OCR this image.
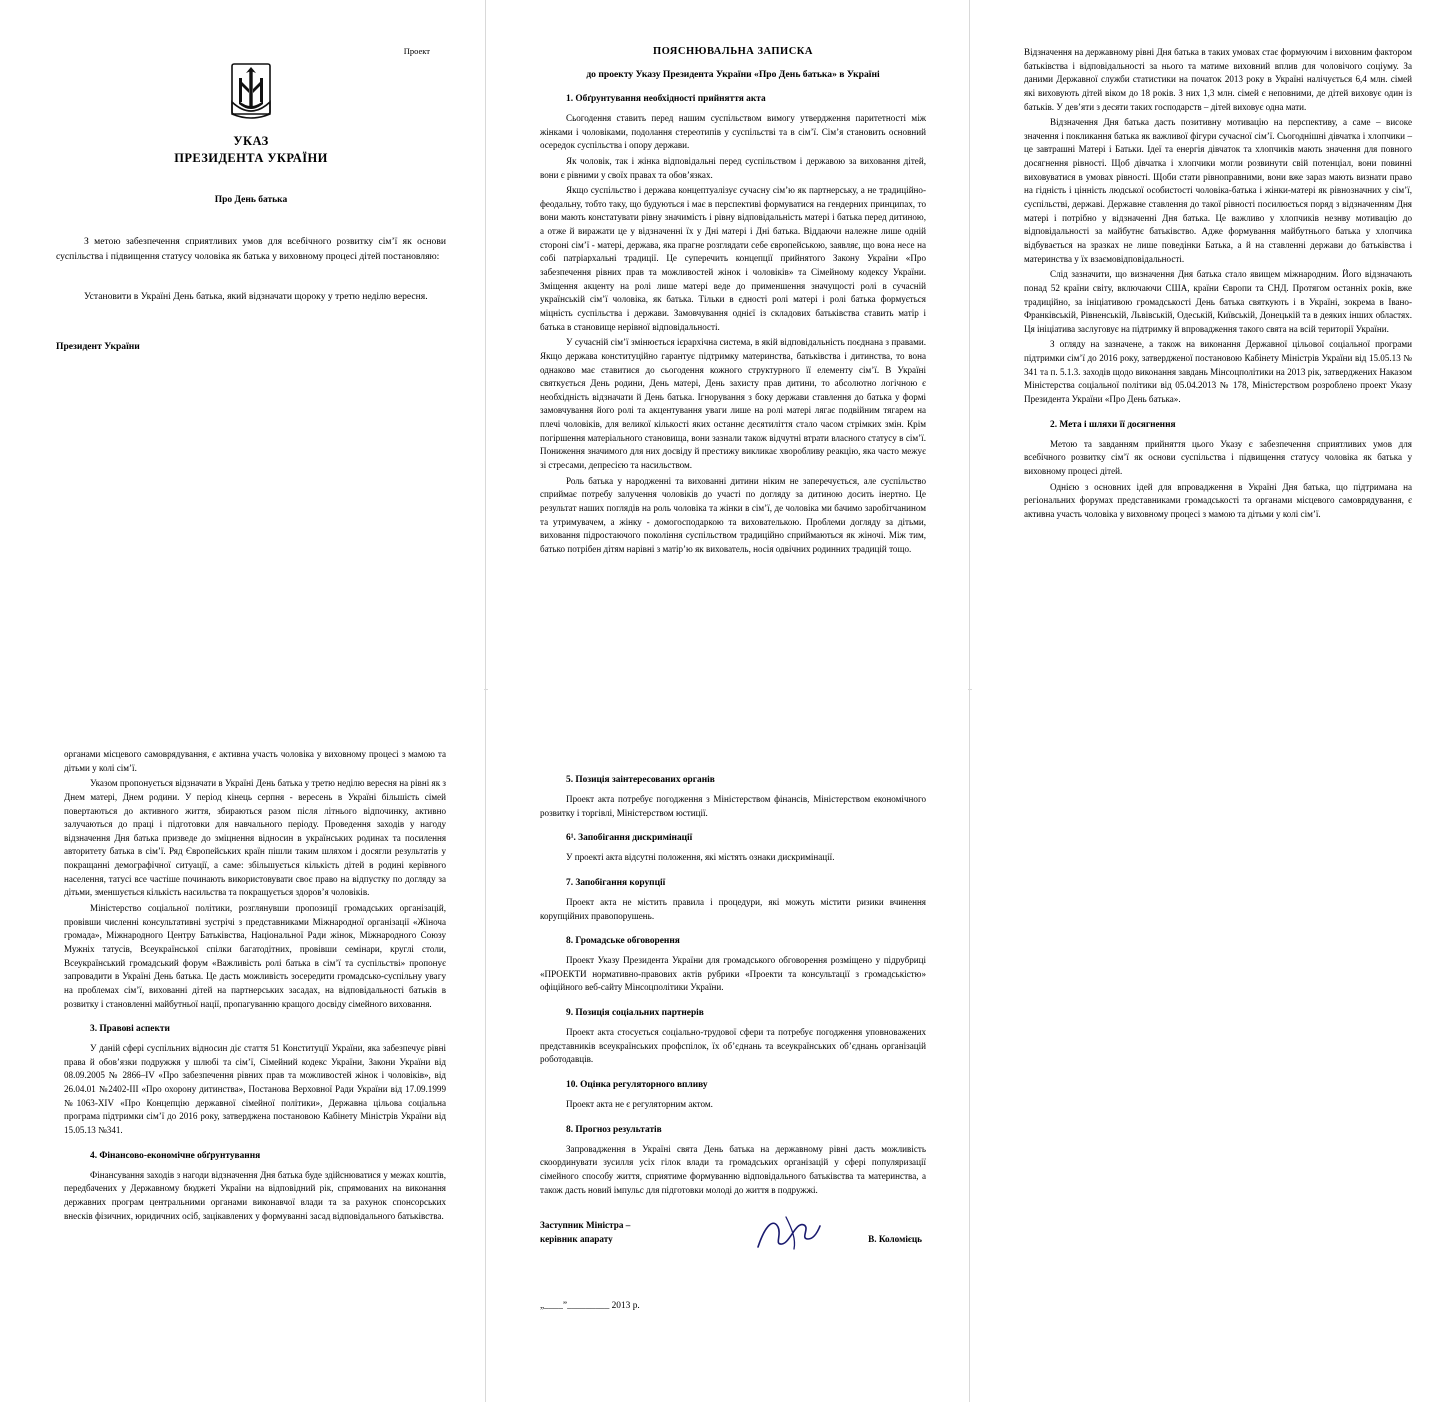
Проект
УКАЗ
ПРЕЗИДЕНТА УКРАЇНИ
Про День батька

З метою забезпечення сприятливих умов для всебічного розвитку сім’ї як основи суспільства і підвищення статусу чоловіка як батька у виховному процесі дітей постановляю:

Установити в Україні День батька, який відзначати щороку у третю неділю вересня.

Президент України
ПОЯСНЮВАЛЬНА ЗАПИСКА
до проекту Указу Президента України «Про День батька» в Україні
1. Обґрунтування необхідності прийняття акта

Сьогодення ставить перед нашим суспільством вимогу утвердження паритетності між жінками і чоловіками, подолання стереотипів у суспільстві та в сім’ї. Сім’я становить основний осередок суспільства і опору держави.

Як чоловік, так і жінка відповідальні перед суспільством і державою за виховання дітей, вони є рівними у своїх правах та обов’язках.

Якщо суспільство і держава концептуалізує сучасну сім’ю як партнерську, а не традиційно-феодальну, тобто таку, що будуються і має в перспективі формуватися на гендерних принципах, то вони мають констатувати рівну значимість і рівну відповідальність матері і батька перед дитиною, а отже й виражати це у відзначенні їх у Дні матері і Дні батька. Віддаючи належне лише одній стороні сім’ї - матері, держава, яка прагне розглядати себе європейською, заявляє, що вона несе на собі патріархальні традиції. Це суперечить концепції прийнятого Закону України «Про забезпечення рівних прав та можливостей жінок і чоловіків» та Сімейному кодексу України. Зміщення акценту на ролі лише матері веде до применшення значущості ролі в сучасній українській сім’ї чоловіка, як батька. Тільки в єдності ролі матері і ролі батька формується міцність суспільства і держави. Замовчування однієї із складових батьківства ставить матір і батька в становище нерівної відповідальності.

У сучасній сім’ї змінюється ієрархічна система, в якій відповідальність поєднана з правами. Якщо держава конституційно гарантує підтримку материнства, батьківства і дитинства, то вона однаково має ставитися до сьогодення кожного структурного її елементу сім’ї. В Україні святкується День родини, День матері, День захисту прав дитини, то абсолютно логічною є необхідність відзначати й День батька. Ігнорування з боку держави ставлення до батька у формі замовчування його ролі та акцентування уваги лише на ролі матері лягає подвійним тягарем на плечі чоловіків, для великої кількості яких останнє десятиліття стало часом стрімких змін. Крім погіршення матеріального становища, вони зазнали також відчутні втрати власного статусу в сім’ї. Пониження значимого для них досвіду й престижу викликає хворобливу реакцію, яка часто межує зі стресами, депресією та насильством.

Роль батька у народженні та вихованні дитини ніким не заперечується, але суспільство сприймає потребу залучення чоловіків до участі по догляду за дитиною досить інертно. Це результат наших поглядів на роль чоловіка та жінки в сім’ї, де чоловіка ми бачимо заробітчанином та утримувачем, а жінку - домогосподаркою та вихователькою. Проблеми догляду за дітьми, виховання підростаючого покоління суспільством традиційно сприймаються як жіночі. Між тим, батько потрібен дітям нарівні з матір’ю як вихователь, носія одвічних родинних традицій тощо.

Відзначення на державному рівні Дня батька в таких умовах стає формуючим і виховним фактором батьківства і відповідальності за нього та матиме виховний вплив для чоловічого соціуму. За даними Державної служби статистики на початок 2013 року в Україні налічується 6,4 млн. сімей які виховують дітей віком до 18 років. З них 1,3 млн. сімей є неповними, де дітей виховує один із батьків. У дев’яти з десяти таких господарств – дітей виховує одна мати.

Відзначення Дня батька дасть позитивну мотивацію на перспективу, а саме – високе значення і покликання батька як важливої фігури сучасної сім’ї. Сьогоднішні дівчатка і хлопчики – це завтрашні Матері і Батьки. Ідеї та енергія дівчаток та хлопчиків мають значення для повного досягнення рівності. Щоб дівчатка і хлопчики могли розвинути свій потенціал, вони повинні виховуватися в умовах рівності. Щоби стати рівноправними, вони вже зараз мають визнати право на гідність і цінність людської особистості чоловіка-батька і жінки-матері як рівнозначних у сім’ї, суспільстві, державі. Державне ставлення до такої рівності посилюється поряд з відзначенням Дня матері і потрібно у відзначенні Дня батька. Це важливо у хлопчиків незнву мотивацію до відповідальності за майбутнє батьківство. Адже формування майбутнього батька у хлопчика відбувається на зразках не лише поведінки Батька, а й на ставленні держави до батьківства і материнства у їх взаємовідповідальності.

Слід зазначити, що визначення Дня батька стало явищем міжнародним. Його відзначають понад 52 країни світу, включаючи США, країни Європи та СНД. Протягом останніх років, вже традиційно, за ініціативою громадськості День батька святкують і в Україні, зокрема в Івано-Франківській, Рівненській, Львівській, Одеській, Київській, Донецькій та в деяких інших областях. Ця ініціатива заслуговує на підтримку й впровадження такого свята на всій території України.

З огляду на зазначене, а також на виконання Державної цільової соціальної програми підтримки сім’ї до 2016 року, затвердженої постановою Кабінету Міністрів України від 15.05.13 № 341 та п. 5.1.3. заходів щодо виконання завдань Мінсоцполітики на 2013 рік, затверджених Наказом Міністерства соціальної політики від 05.04.2013 № 178, Міністерством розроблено проект Указу Президента України «Про День батька».

2. Мета і шляхи її досягнення

Метою та завданням прийняття цього Указу є забезпечення сприятливих умов для всебічного розвитку сім’ї як основи суспільства і підвищення статусу чоловіка як батька у виховному процесі дітей.

Однією з основних ідей для впровадження в Україні Дня батька, що підтримана на регіональних форумах представниками громадськості та органами місцевого самоврядування, є активна участь чоловіка у виховному процесі з мамою та дітьми у колі сім’ї.

органами місцевого самоврядування, є активна участь чоловіка у виховному процесі з мамою та дітьми у колі сім’ї.

Указом пропонується відзначати в Україні День батька у третю неділю вересня на рівні як з Днем матері, Днем родини. У період кінець серпня - вересень в Україні більшість сімей повертаються до активного життя, збираються разом після літнього відпочинку, активно залучаються до праці і підготовки для навчального періоду. Проведення заходів у нагоду відзначення Дня батька призведе до зміцнення відносин в українських родинах та посилення авторитету батька в сім’ї. Ряд Європейських країн пішли таким шляхом і досягли результатів у покращанні демографічної ситуації, а саме: збільшується кількість дітей в родині керівного населення, татусі все частіше починають використовувати своє право на відпустку по догляду за дітьми, зменшується кількість насильства та покращується здоров’я чоловіків.

Міністерство соціальної політики, розглянувши пропозиції громадських організацій, провівши численні консультативні зустрічі з представниками Міжнародної організації «Жіноча громада», Міжнародного Центру Батьківства, Національної Ради жінок, Міжнародного Союзу Мужніх татусів, Всеукраїнської спілки багатодітних, провівши семінари, круглі столи, Всеукраїнський громадський форум «Важливість ролі батька в сім’ї та суспільстві» пропонує запровадити в Україні День батька. Це дасть можливість зосередити громадсько-суспільну увагу на проблемах сім’ї, вихованні дітей на партнерських засадах, на відповідальності батьків в розвитку і становленні майбутньої нації, пропагуванню кращого досвіду сімейного виховання.

3. Правові аспекти

У даній сфері суспільних відносин діє стаття 51 Конституції України, яка забезпечує рівні права й обов’язки подружжя у шлюбі та сім’ї, Сімейний кодекс України, Закони України від 08.09.2005 № 2866–IV «Про забезпечення рівних прав та можливостей жінок і чоловіків», від 26.04.01 №2402-III «Про охорону дитинства», Постанова Верховної Ради України від 17.09.1999 №1063-XIV «Про Концепцію державної сімейної політики», Державна цільова соціальна програма підтримки сім’ї до 2016 року, затверджена постановою Кабінету Міністрів України від 15.05.13 №341.

4. Фінансово-економічне обґрунтування

Фінансування заходів з нагоди відзначення Дня батька буде здійснюватися у межах коштів, передбачених у Державному бюджеті України на відповідний рік, спрямованих на виконання державних програм центральними органами виконавчої влади та за рахунок спонсорських внесків фізичних, юридичних осіб, зацікавлених у формуванні засад відповідального батьківства.

5. Позиція заінтересованих органів

Проект акта потребує погодження з Міністерством фінансів, Міністерством економічного розвитку і торгівлі, Міністерством юстиції.

6¹. Запобігання дискримінації

У проекті акта відсутні положення, які містять ознаки дискримінації.

7. Запобігання корупції

Проект акта не містить правила і процедури, які можуть містити ризики вчинення корупційних правопорушень.

8. Громадське обговорення

Проект Указу Президента України для громадського обговорення розміщено у підрубриці «ПРОЕКТИ нормативно-правових актів рубрики «Проекти та консультації з громадськістю» офіційного веб-сайту Мінсоцполітики України.

9. Позиція соціальних партнерів

Проект акта стосується соціально-трудової сфери та потребує погодження уповноважених представників всеукраїнських профспілок, їх об’єднань та всеукраїнських об’єднань організацій роботодавців.

10. Оцінка регуляторного впливу

Проект акта не є регуляторним актом.

8. Прогноз результатів

Запровадження в Україні свята День батька на державному рівні дасть можливість скоординувати зусилля усіх гілок влади та громадських організацій у сфері популяризації сімейного способу життя, сприятиме формуванню відповідального батьківства та материнства, а також дасть новий імпульс для підготовки молоді до життя в подружжі.

Заступник Міністра –
керівник апарату	В. Коломієць
„____”_________ 2013 р.
